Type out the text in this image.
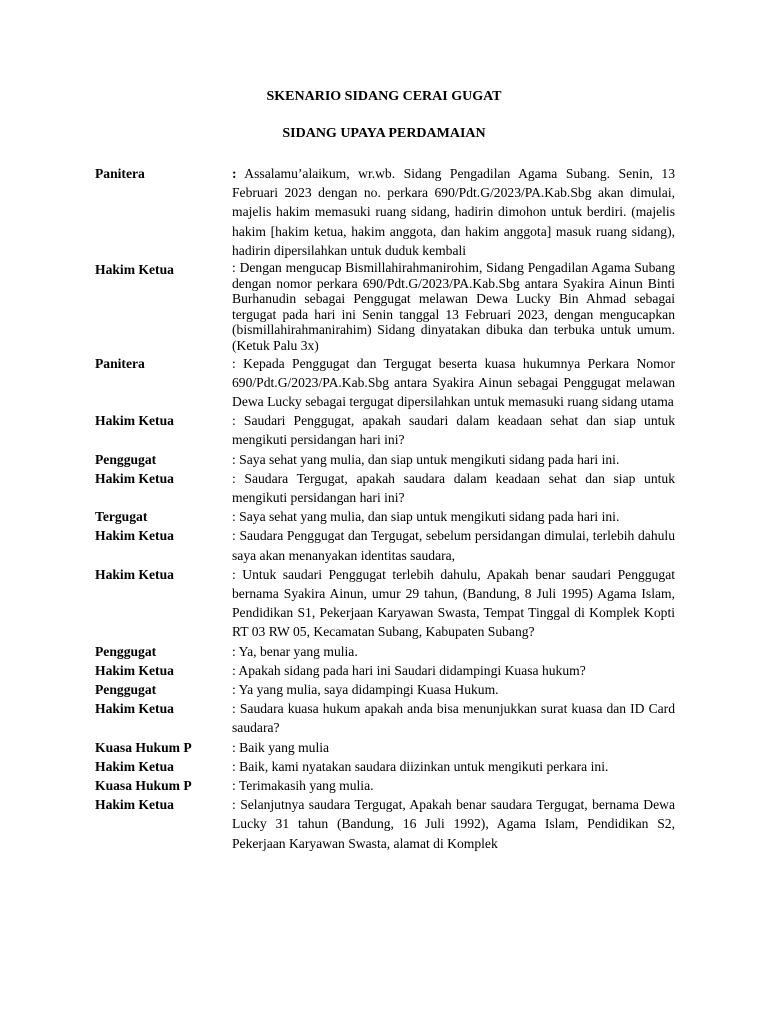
SKENARIO SIDANG CERAI GUGAT
SIDANG UPAYA PERDAMAIAN
Panitera	: Assalamu’alaikum, wr.wb. Sidang Pengadilan Agama Subang. Senin, 13 Februari 2023 dengan no. perkara 690/Pdt.G/2023/PA.Kab.Sbg akan dimulai, majelis hakim memasuki ruang sidang, hadirin dimohon untuk berdiri. (majelis hakim [hakim ketua, hakim anggota, dan hakim anggota] masuk ruang sidang), hadirin dipersilahkan untuk duduk kembali
Hakim Ketua	: Dengan mengucap Bismillahirahmanirohim, Sidang Pengadilan Agama Subang dengan nomor perkara 690/Pdt.G/2023/PA.Kab.Sbg antara Syakira Ainun Binti Burhanudin sebagai Penggugat melawan Dewa Lucky Bin Ahmad sebagai tergugat pada hari ini Senin tanggal 13 Februari 2023, dengan mengucapkan (bismillahirahmanirahim) Sidang dinyatakan dibuka dan terbuka untuk umum. (Ketuk Palu 3x)
Panitera	: Kepada Penggugat dan Tergugat beserta kuasa hukumnya Perkara Nomor 690/Pdt.G/2023/PA.Kab.Sbg antara Syakira Ainun sebagai Penggugat melawan Dewa Lucky sebagai tergugat dipersilahkan untuk memasuki ruang sidang utama
Hakim Ketua	: Saudari Penggugat, apakah saudari dalam keadaan sehat dan siap untuk mengikuti persidangan hari ini?
Penggugat	: Saya sehat yang mulia, dan siap untuk mengikuti sidang pada hari ini.
Hakim Ketua	: Saudara Tergugat, apakah saudara dalam keadaan sehat dan siap untuk mengikuti persidangan hari ini?
Tergugat	: Saya sehat yang mulia, dan siap untuk mengikuti sidang pada hari ini.
Hakim Ketua	: Saudara Penggugat dan Tergugat, sebelum persidangan dimulai, terlebih dahulu saya akan menanyakan identitas saudara,
Hakim Ketua	: Untuk saudari Penggugat terlebih dahulu, Apakah benar saudari Penggugat bernama Syakira Ainun, umur 29 tahun, (Bandung, 8 Juli 1995) Agama Islam, Pendidikan S1, Pekerjaan Karyawan Swasta, Tempat Tinggal di Komplek Kopti RT 03 RW 05, Kecamatan Subang, Kabupaten Subang?
Penggugat	: Ya, benar yang mulia.
Hakim Ketua	: Apakah sidang pada hari ini Saudari didampingi Kuasa hukum?
Penggugat	: Ya yang mulia, saya didampingi Kuasa Hukum.
Hakim Ketua	: Saudara kuasa hukum apakah anda bisa menunjukkan surat kuasa dan ID Card saudara?
Kuasa Hukum P	: Baik yang mulia
Hakim Ketua	: Baik, kami nyatakan saudara diizinkan untuk mengikuti perkara ini.
Kuasa Hukum P	: Terimakasih yang mulia.
Hakim Ketua	: Selanjutnya saudara Tergugat, Apakah benar saudara Tergugat, bernama Dewa Lucky 31 tahun (Bandung, 16 Juli 1992), Agama Islam, Pendidikan S2, Pekerjaan Karyawan Swasta, alamat di Komplek
